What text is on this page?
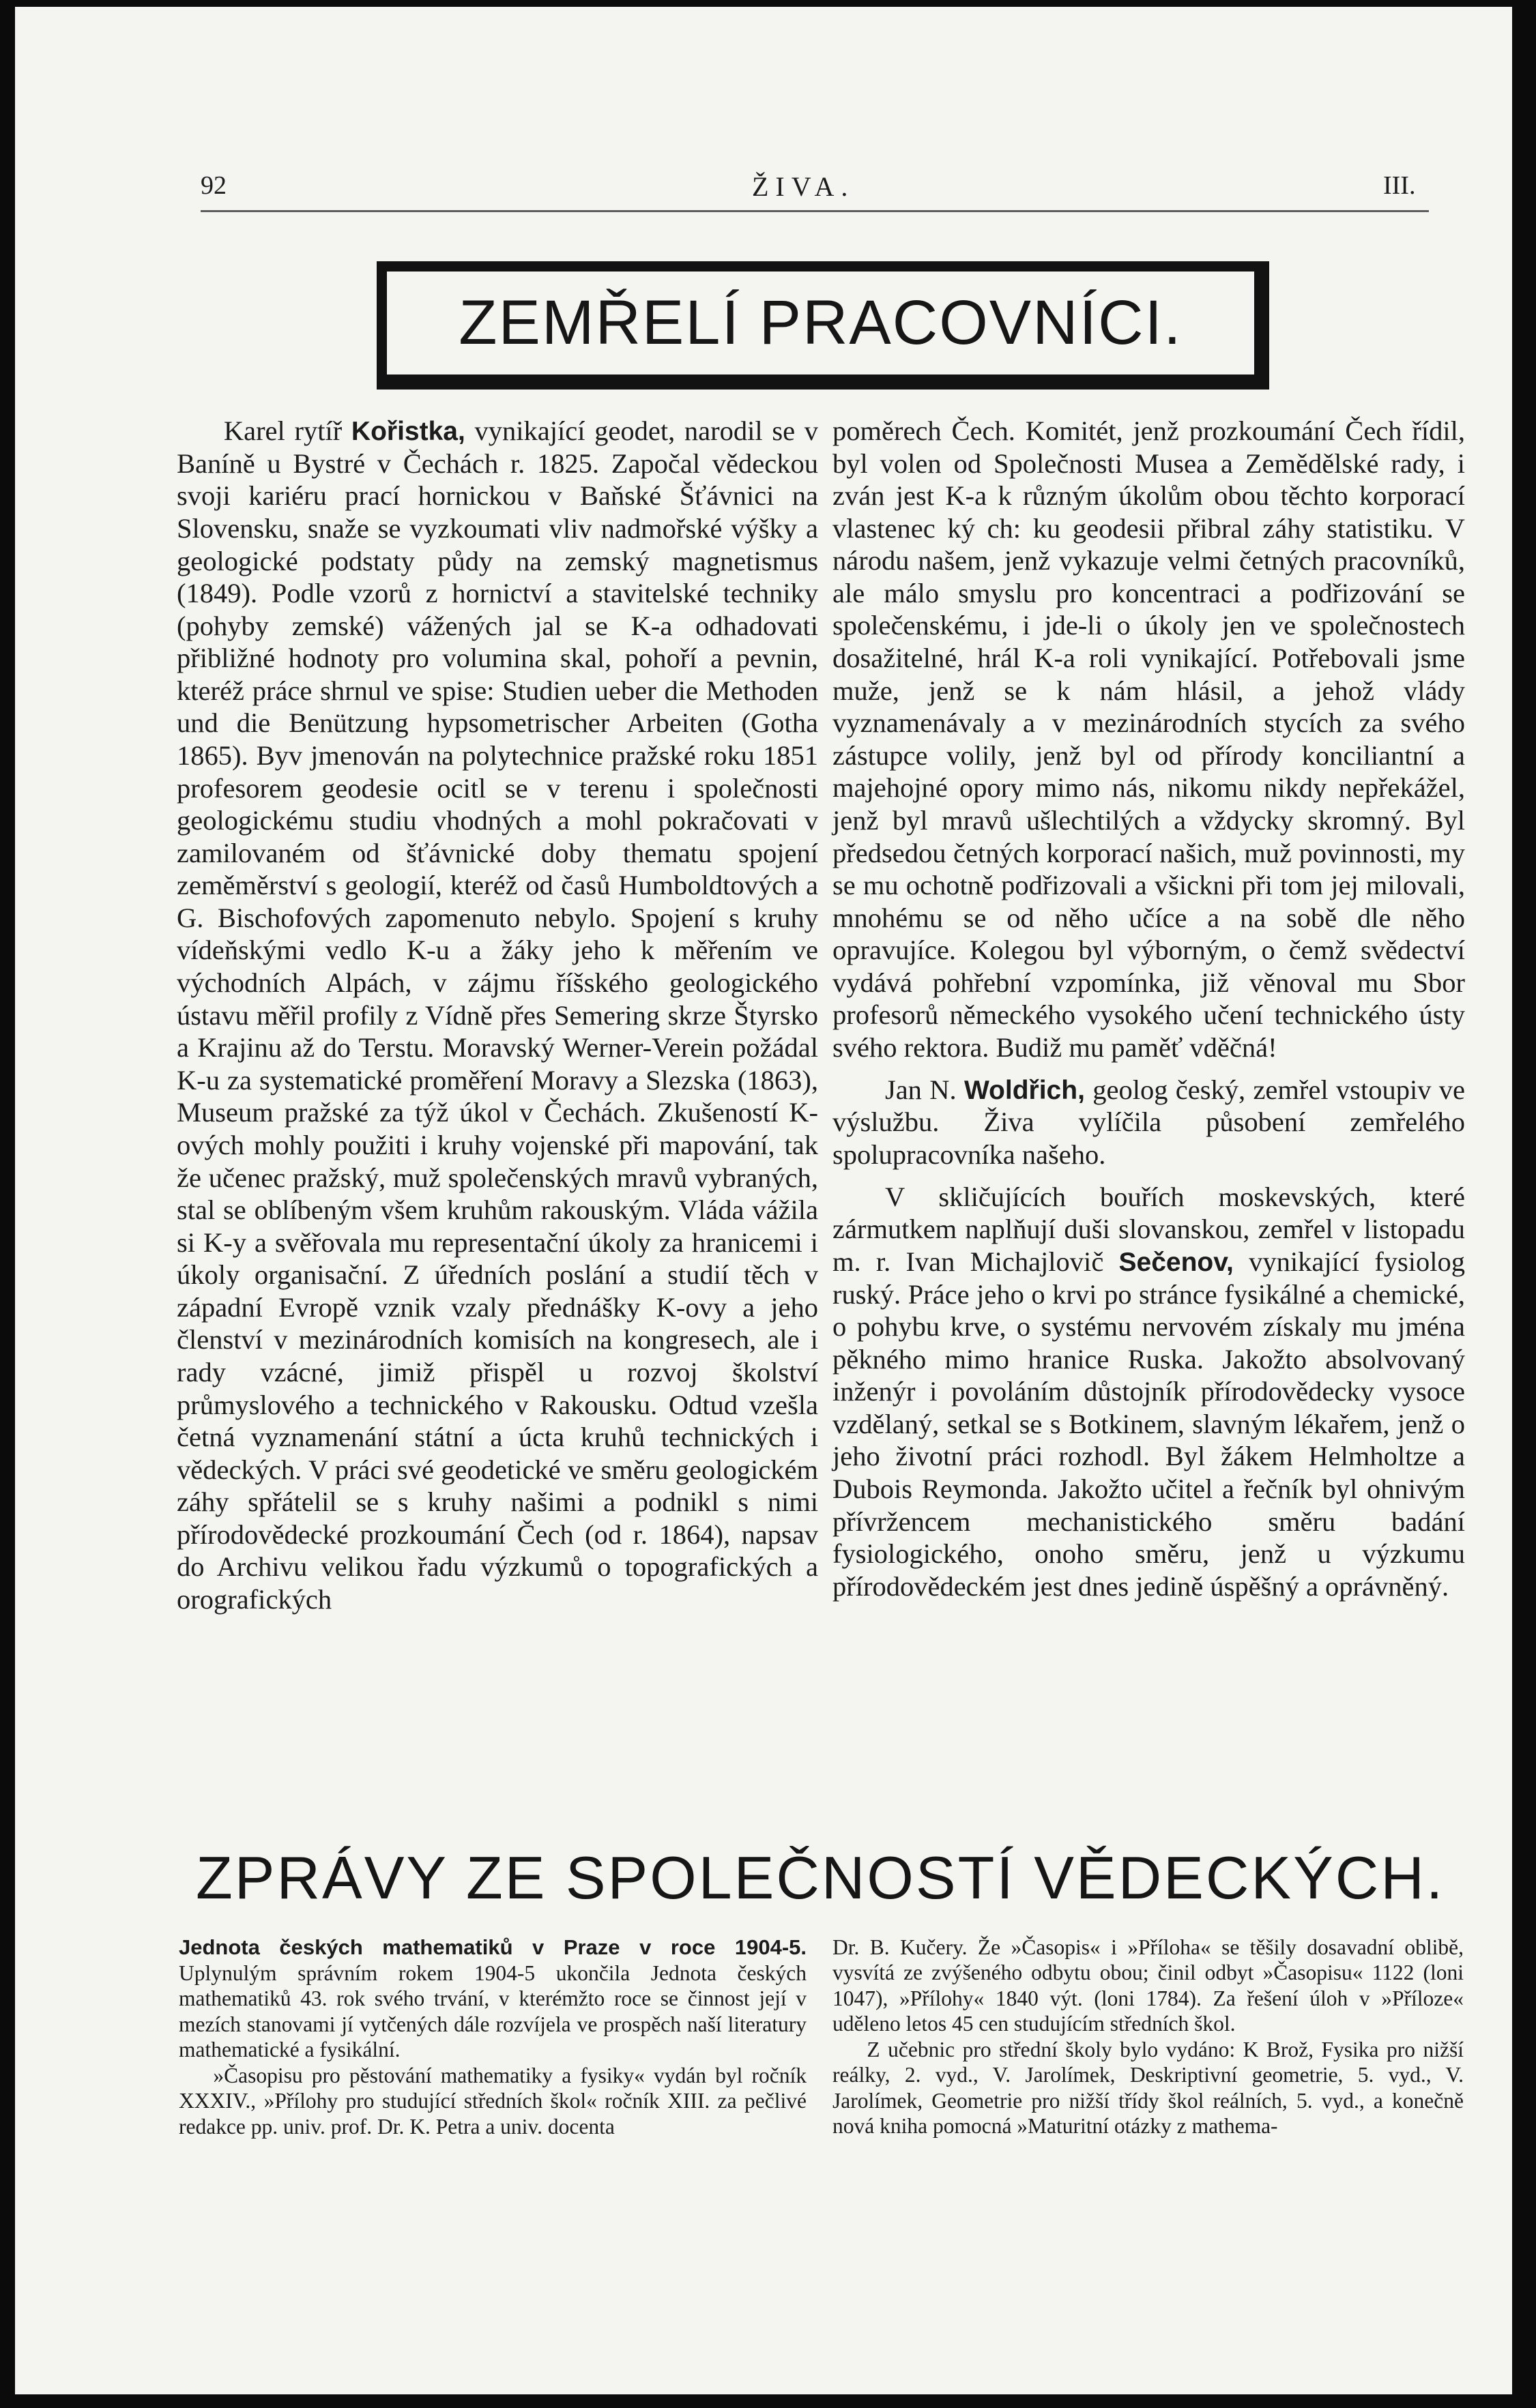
92	ŽIVA.	III.
ZEMŘELÍ PRACOVNÍCI.

Karel rytíř Kořistka, vynikající geodet, narodil se v Baníně u Bystré v Čechách r. 1825. Započal vědeckou svoji kariéru prací hornickou v Baňské Šťávnici na Slovensku, snaže se vyzkoumati vliv nadmořské výšky a geologické podstaty půdy na zemský magnetismus (1849). Podle vzorů z hornictví a stavitelské techniky (pohyby zemské) vážených jal se K-a odhadovati přibližné hodnoty pro volumina skal, pohoří a pevnin, kteréž práce shrnul ve spise: Studien ueber die Methoden und die Benützung hypsometrischer Arbeiten (Gotha 1865). Byv jmenován na polytechnice pražské roku 1851 profesorem geodesie ocitl se v terenu i společnosti geologickému studiu vhodných a mohl pokračovati v zamilovaném od šťávnické doby thematu spojení zeměměrství s geologií, kteréž od časů Humboldtových a G. Bischofových zapomenuto nebylo. Spojení s kruhy vídeňskými vedlo K-u a žáky jeho k měřením ve východních Alpách, v zájmu říšského geologického ústavu měřil profily z Vídně přes Semering skrze Štyrsko a Krajinu až do Terstu. Moravský Werner-Verein požádal K-u za systematické proměření Moravy a Slezska (1863), Museum pražské za týž úkol v Čechách. Zkušeností K-ových mohly použiti i kruhy vojenské při mapování, tak že učenec pražský, muž společenských mravů vybraných, stal se oblíbeným všem kruhům rakouským. Vláda vážila si K-y a svěřovala mu representační úkoly za hranicemi i úkoly organisační. Z úředních poslání a studií těch v západní Evropě vznik vzaly přednášky K-ovy a jeho členství v mezinárodních komisích na kongresech, ale i rady vzácné, jimiž přispěl u rozvoj školství průmyslového a technického v Rakousku. Odtud vzešla četná vyznamenání státní a úcta kruhů technických i vědeckých. V práci své geodetické ve směru geologickém záhy spřátelil se s kruhy našimi a podnikl s nimi přírodovědecké prozkoumání Čech (od r. 1864), napsav do Archivu velikou řadu výzkumů o topografických a orografických

poměrech Čech. Komitét, jenž prozkoumání Čech řídil, byl volen od Společnosti Musea a Zemědělské rady, i zván jest K-a k různým úkolům obou těchto korporací vlastenec ký ch: ku geodesii přibral záhy statistiku. V národu našem, jenž vykazuje velmi četných pracovníků, ale málo smyslu pro koncentraci a podřizování se společenskému, i jde-li o úkoly jen ve společnostech dosažitelné, hrál K-a roli vynikající. Potřebovali jsme muže, jenž se k nám hlásil, a jehož vlády vyznamenávaly a v mezinárodních stycích za svého zástupce volily, jenž byl od přírody konciliantní a majehojné opory mimo nás, nikomu nikdy nepřekážel, jenž byl mravů ušlechtilých a vždycky skromný. Byl předsedou četných korporací našich, muž povinnosti, my se mu ochotně podřizovali a všickni při tom jej milovali, mnohému se od něho učíce a na sobě dle něho opravujíce. Kolegou byl výborným, o čemž svědectví vydává pohřební vzpomínka, již věnoval mu Sbor profesorů německého vysokého učení technického ústy svého rektora. Budiž mu paměť vděčná!

Jan N. Woldřich, geolog český, zemřel vstoupiv ve výslužbu. Živa vylíčila působení zemřelého spolupracovníka našeho.

V skličujících bouřích moskevských, které zármutkem naplňují duši slovanskou, zemřel v listopadu m. r. Ivan Michajlovič Sečenov, vynikající fysiolog ruský. Práce jeho o krvi po stránce fysikálné a chemické, o pohybu krve, o systému nervovém získaly mu jména pěkného mimo hranice Ruska. Jakožto absolvovaný inženýr i povoláním důstojník přírodovědecky vysoce vzdělaný, setkal se s Botkinem, slavným lékařem, jenž o jeho životní práci rozhodl. Byl žákem Helmholtze a Dubois Reymonda. Jakožto učitel a řečník byl ohnivým přívržencem mechanistického směru badání fysiologického, onoho směru, jenž u výzkumu přírodovědeckém jest dnes jedině úspěšný a oprávněný.

ZPRÁVY ZE SPOLEČNOSTÍ VĚDECKÝCH.

Jednota českých mathematiků v Praze v roce 1904-5. Uplynulým správním rokem 1904-5 ukončila Jednota českých mathematiků 43. rok svého trvání, v kterémžto roce se činnost její v mezích stanovami jí vytčených dále rozvíjela ve prospěch naší literatury mathematické a fysikální.

»Časopisu pro pěstování mathematiky a fysiky« vydán byl ročník XXXIV., »Přílohy pro studující středních škol« ročník XIII. za pečlivé redakce pp. univ. prof. Dr. K. Petra a univ. docenta

Dr. B. Kučery. Že »Časopis« i »Příloha« se těšily dosavadní oblibě, vysvítá ze zvýšeného odbytu obou; činil odbyt »Časopisu« 1122 (loni 1047), »Přílohy« 1840 výt. (loni 1784). Za řešení úloh v »Příloze« uděleno letos 45 cen studujícím středních škol.

Z učebnic pro střední školy bylo vydáno: K Brož, Fysika pro nižší reálky, 2. vyd., V. Jarolímek, Deskriptivní geometrie, 5. vyd., V. Jarolímek, Geometrie pro nižší třídy škol reálních, 5. vyd., a konečně nová kniha pomocná »Maturitní otázky z mathema-
